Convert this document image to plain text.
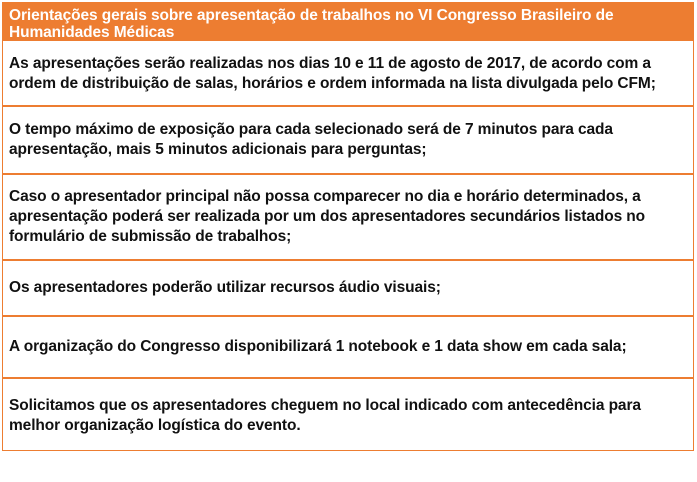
Orientações gerais sobre apresentação de trabalhos no VI Congresso Brasileiro de Humanidades Médicas
As apresentações serão realizadas nos dias 10 e 11 de agosto de 2017, de acordo com a ordem de distribuição de salas, horários e ordem informada na lista divulgada pelo CFM;
O tempo máximo de exposição para cada selecionado será de 7 minutos para cada apresentação, mais 5 minutos adicionais para perguntas;
Caso o apresentador principal não possa comparecer no dia e horário determinados, a apresentação poderá ser realizada por um dos apresentadores secundários listados no formulário de submissão de trabalhos;
Os apresentadores poderão utilizar recursos áudio visuais;
A organização do Congresso disponibilizará 1 notebook e 1 data show em cada sala;
Solicitamos que os apresentadores cheguem no local indicado com antecedência para melhor organização logística do evento.
